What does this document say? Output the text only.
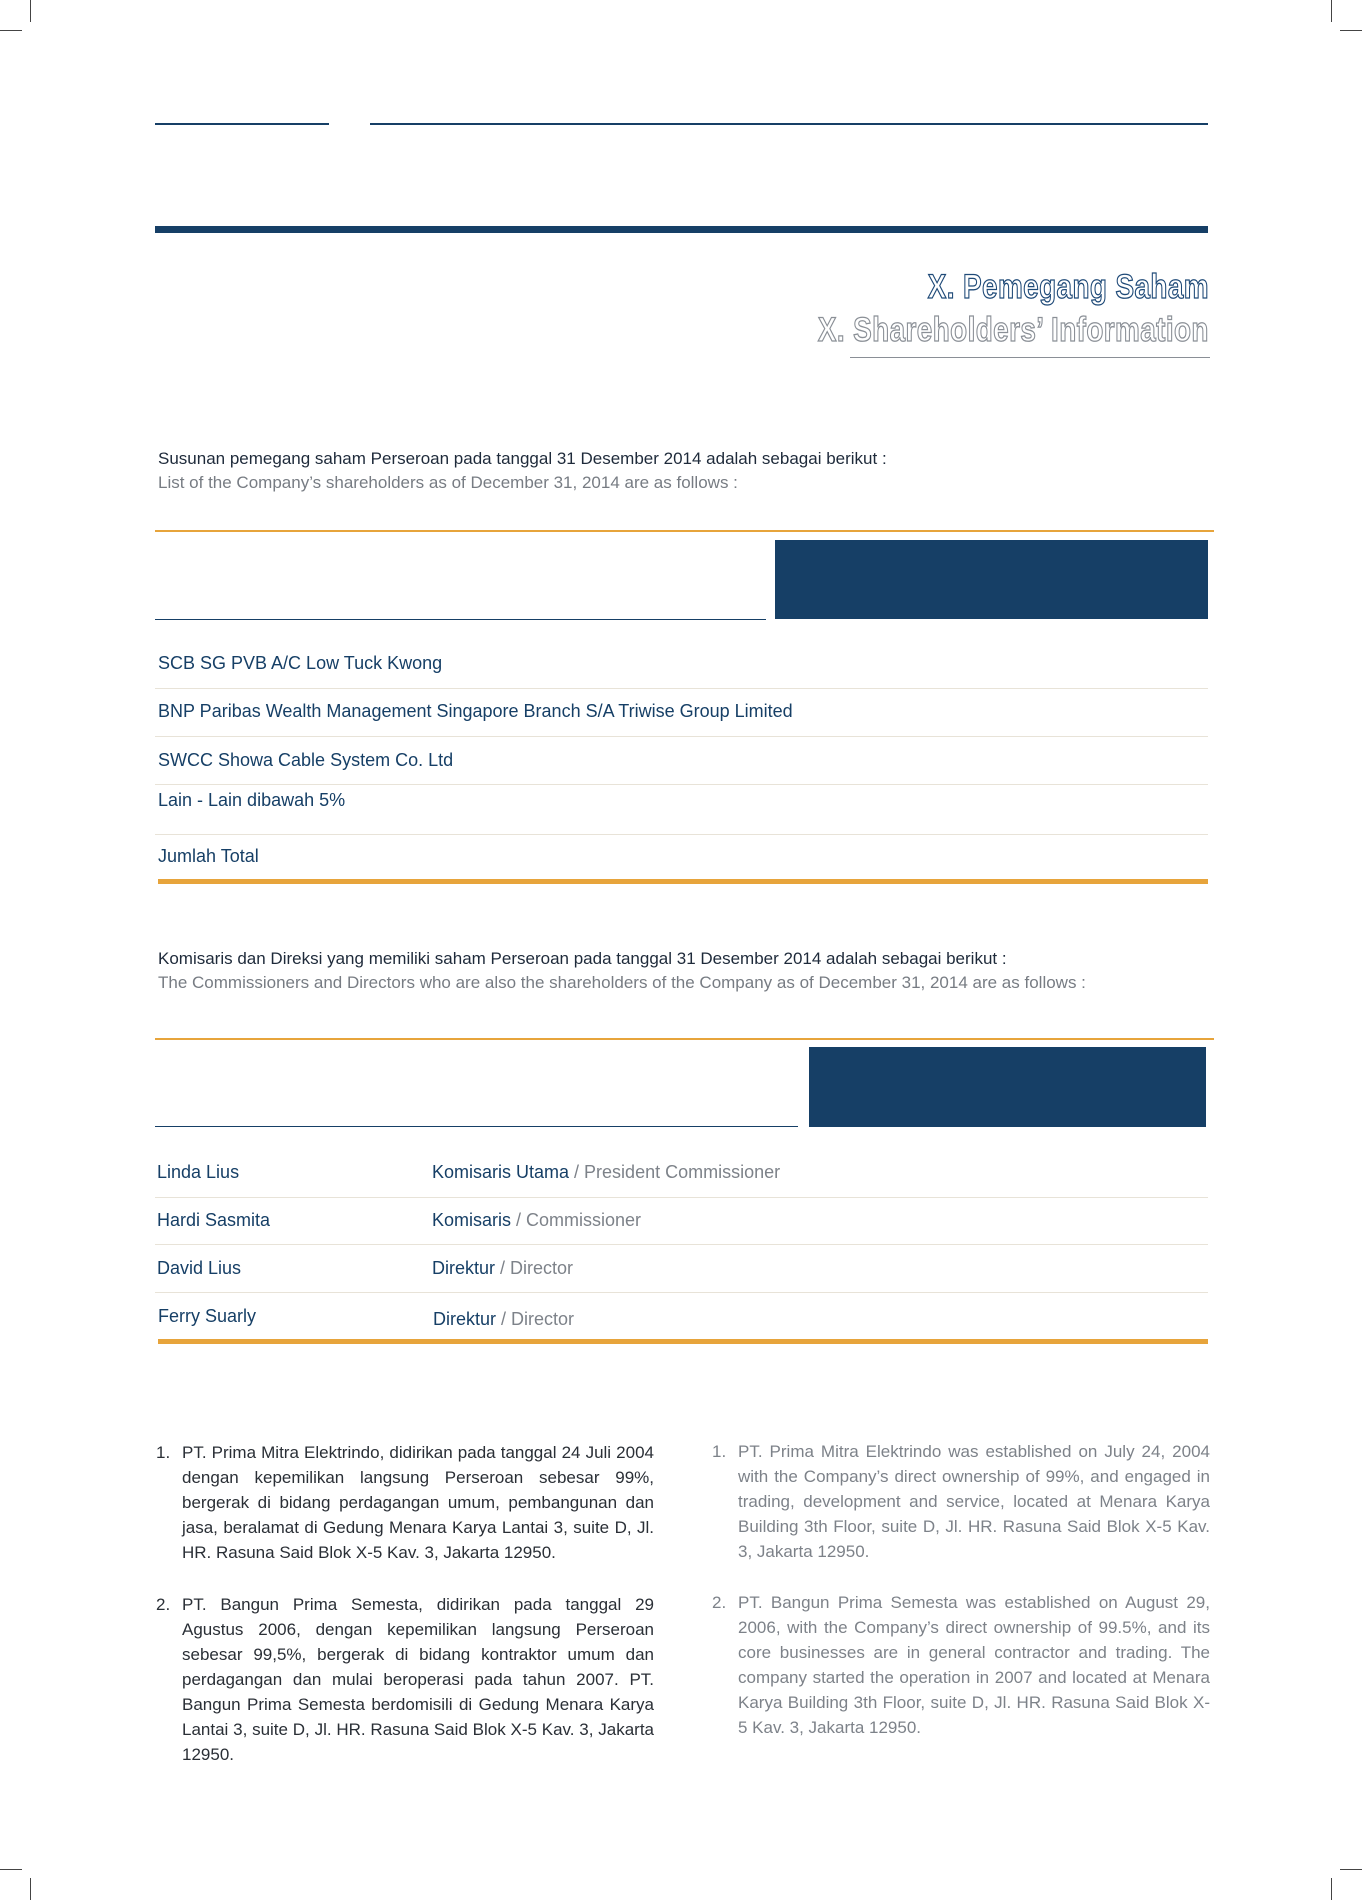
X. Pemegang Saham
X. Shareholders’ Information
Susunan pemegang saham Perseroan pada tanggal 31 Desember 2014 adalah sebagai berikut :
List of the Company’s shareholders as of December 31, 2014 are as follows :
SCB SG PVB A/C Low Tuck Kwong
BNP Paribas Wealth Management Singapore Branch S/A Triwise Group Limited
SWCC Showa Cable System Co. Ltd
Lain - Lain dibawah 5%
Jumlah Total
Komisaris dan Direksi yang memiliki saham Perseroan pada tanggal 31 Desember 2014 adalah sebagai berikut :
The Commissioners and Directors who are also the shareholders of the Company as of December 31, 2014 are as follows :
Linda Lius	Komisaris Utama / President Commissioner
Hardi Sasmita	Komisaris / Commissioner
David Lius	Direktur / Director
Ferry Suarly	Direktur / Director
1. PT. Prima Mitra Elektrindo, didirikan pada tanggal 24 Juli 2004 dengan kepemilikan langsung Perseroan sebesar 99%, bergerak di bidang perdagangan umum, pembangunan dan jasa, beralamat di Gedung Menara Karya Lantai 3, suite D, Jl. HR. Rasuna Said Blok X-5 Kav. 3, Jakarta 12950.
1. PT. Prima Mitra Elektrindo was established on July 24, 2004 with the Company’s direct ownership of 99%, and engaged in trading, development and service, located at Menara Karya Building 3th Floor, suite D, Jl. HR. Rasuna Said Blok X-5 Kav. 3, Jakarta 12950.
2. PT. Bangun Prima Semesta, didirikan pada tanggal 29 Agustus 2006, dengan kepemilikan langsung Perseroan sebesar 99,5%, bergerak di bidang kontraktor umum dan perdagangan dan mulai beroperasi pada tahun 2007. PT. Bangun Prima Semesta berdomisili di Gedung Menara Karya Lantai 3, suite D, Jl. HR. Rasuna Said Blok X-5 Kav. 3, Jakarta 12950.
2. PT. Bangun Prima Semesta was established on August 29, 2006, with the Company’s direct ownership of 99.5%, and its core businesses are in general contractor and trading. The company started the operation in 2007 and located at Menara Karya Building 3th Floor, suite D, Jl. HR. Rasuna Said Blok X-5 Kav. 3, Jakarta 12950.
